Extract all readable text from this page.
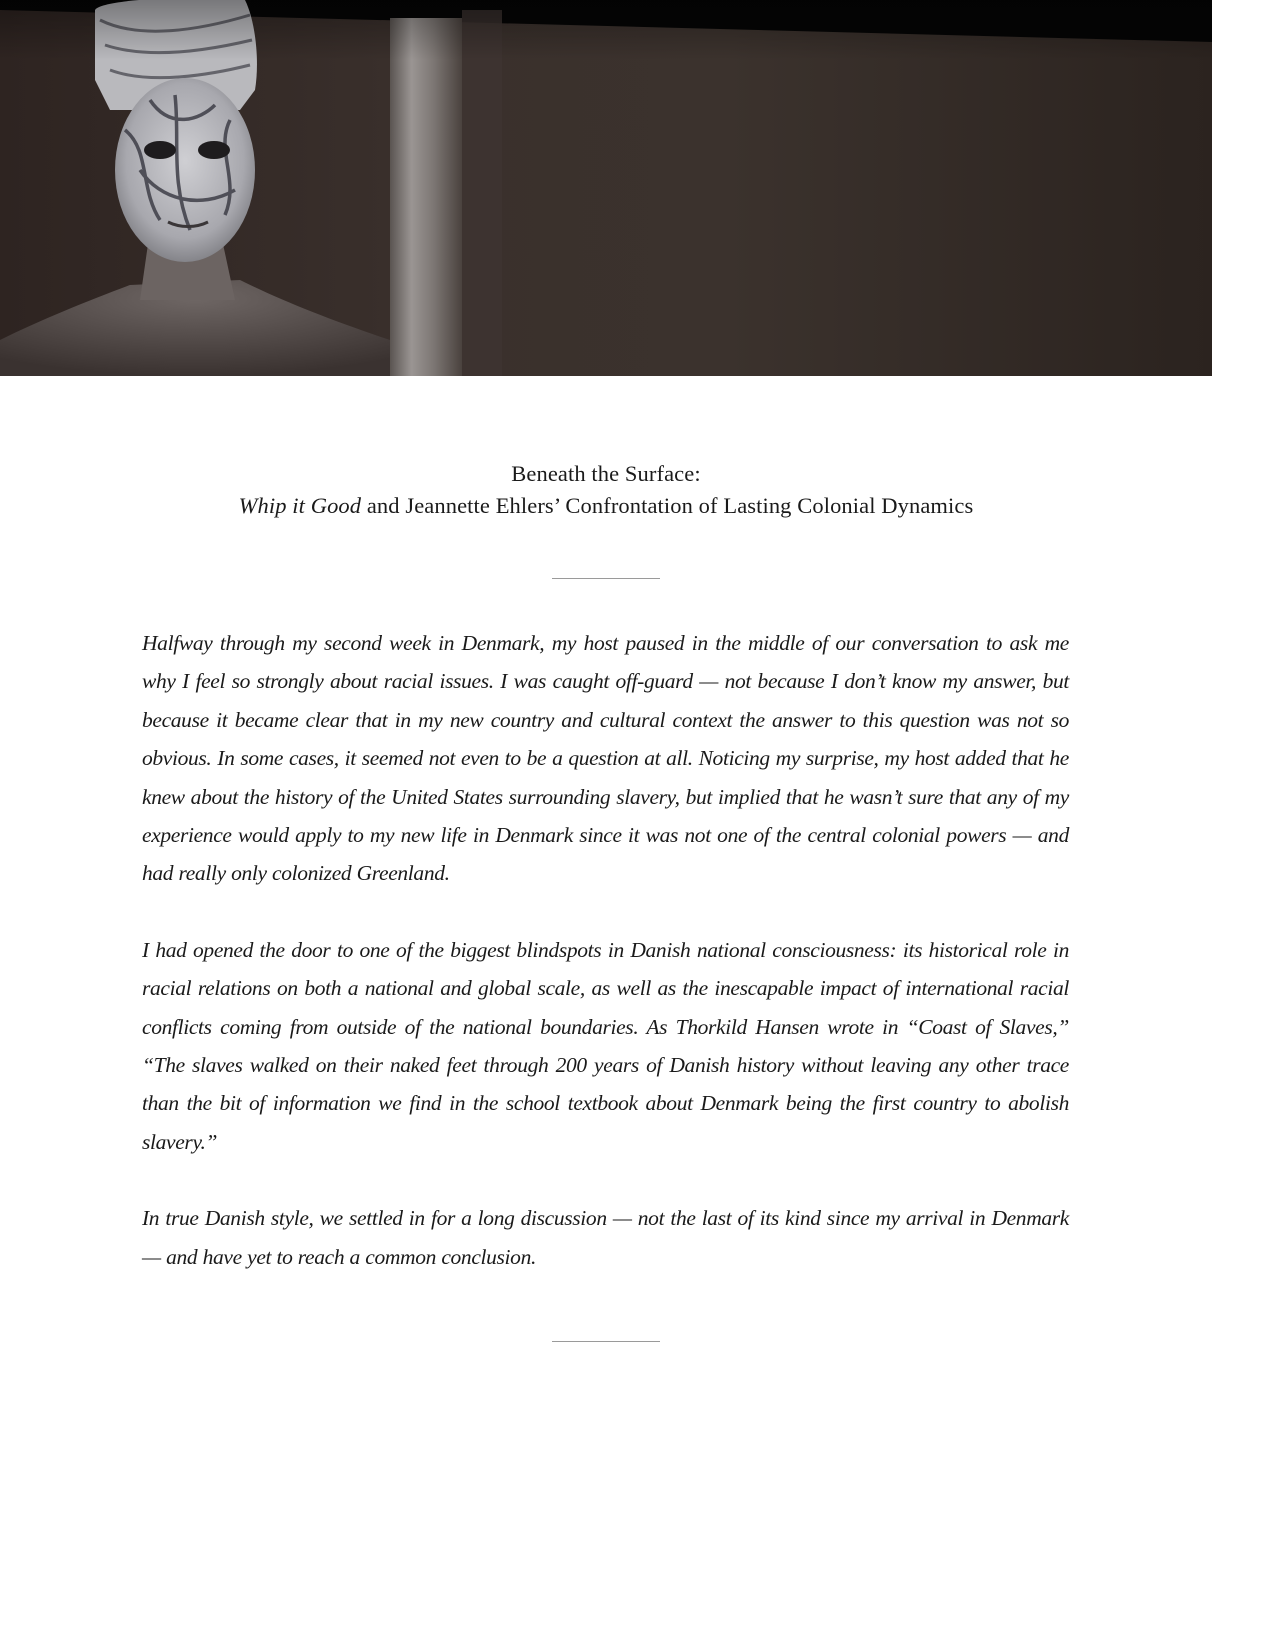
Beneath the Surface:
Whip it Good and Jeannette Ehlers’ Confrontation of Lasting Colonial Dynamics

Halfway through my second week in Denmark, my host paused in the middle of our conversation to ask me why I feel so strongly about racial issues. I was caught off-guard — not because I don’t know my answer, but because it became clear that in my new country and cultural context the answer to this question was not so obvious. In some cases, it seemed not even to be a question at all. Noticing my surprise, my host added that he knew about the history of the United States surrounding slavery, but implied that he wasn’t sure that any of my experience would apply to my new life in Denmark since it was not one of the central colonial powers — and had really only colonized Greenland.

I had opened the door to one of the biggest blindspots in Danish national consciousness: its historical role in racial relations on both a national and global scale, as well as the inescapable impact of international racial conflicts coming from outside of the national boundaries. As Thorkild Hansen wrote in “Coast of Slaves,” “The slaves walked on their naked feet through 200 years of Danish history without leaving any other trace than the bit of information we find in the school textbook about Denmark being the first country to abolish slavery.”

In true Danish style, we settled in for a long discussion — not the last of its kind since my arrival in Denmark — and have yet to reach a common conclusion.
